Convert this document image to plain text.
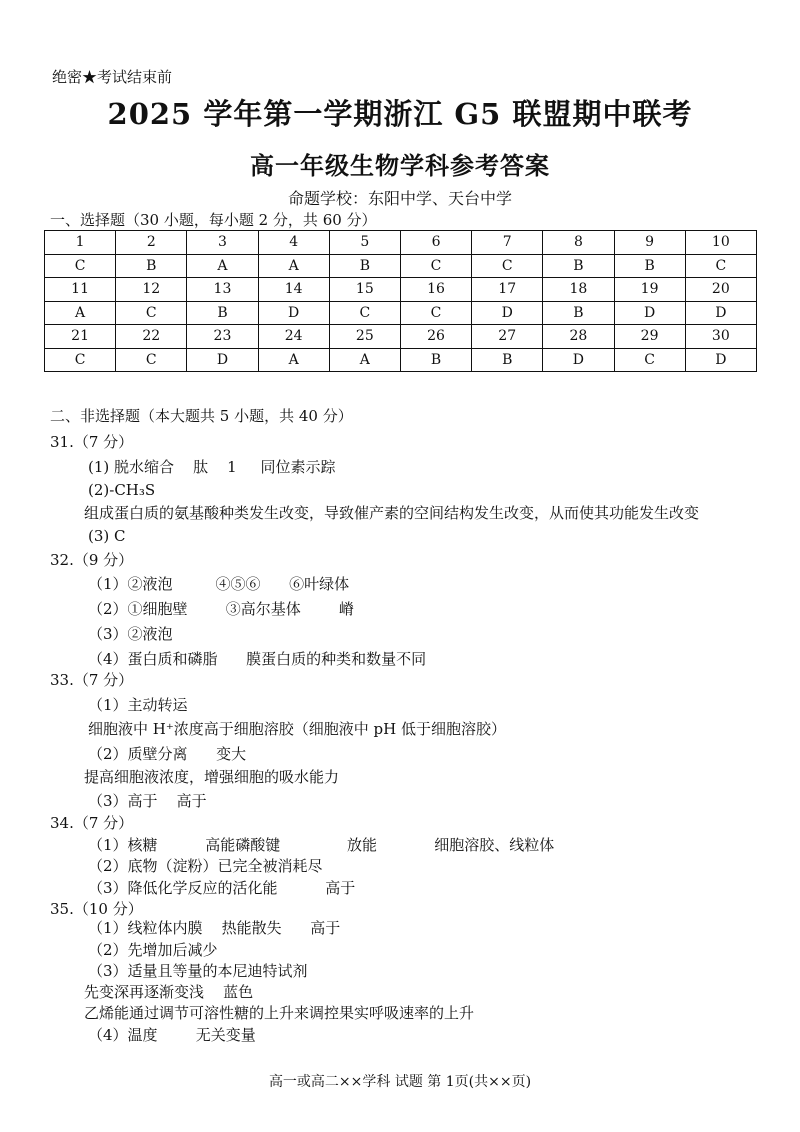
绝密★考试结束前
2025 学年第一学期浙江 G5 联盟期中联考
高一年级生物学科参考答案
命题学校：东阳中学、天台中学
一、选择题（30 小题，每小题 2 分，共 60 分）
1	2	3	4	5	6	7	8	9	10
C	B	A	A	B	C	C	B	B	C
11	12	13	14	15	16	17	18	19	20
A	C	B	D	C	C	D	B	D	D
21	22	23	24	25	26	27	28	29	30
C	C	D	A	A	B	B	D	C	D
二、非选择题（本大题共 5 小题，共 40 分）
31.（7 分）
(1) 脱水缩合    肽    1     同位素示踪
(2)-CH₃S
组成蛋白质的氨基酸种类发生改变，导致催产素的空间结构发生改变，从而使其功能发生改变
(3) C
32.（9 分）
（1）②液泡         ④⑤⑥      ⑥叶绿体
（2）①细胞壁        ③高尔基体        嵴
（3）②液泡
（4）蛋白质和磷脂      膜蛋白质的种类和数量不同
33.（7 分）
（1）主动转运
细胞液中 H⁺浓度高于细胞溶胶（细胞液中 pH 低于细胞溶胶）
（2）质壁分离      变大
提高细胞液浓度，增强细胞的吸水能力
（3）高于    高于
34.（7 分）
（1）核糖          高能磷酸键              放能            细胞溶胶、线粒体
（2）底物（淀粉）已完全被消耗尽
（3）降低化学反应的活化能          高于
35.（10 分）
（1）线粒体内膜    热能散失      高于
（2）先增加后减少
（3）适量且等量的本尼迪特试剂
先变深再逐渐变浅    蓝色
乙烯能通过调节可溶性糖的上升来调控果实呼吸速率的上升
（4）温度        无关变量
高一或高二××学科 试题 第 1页(共××页)
